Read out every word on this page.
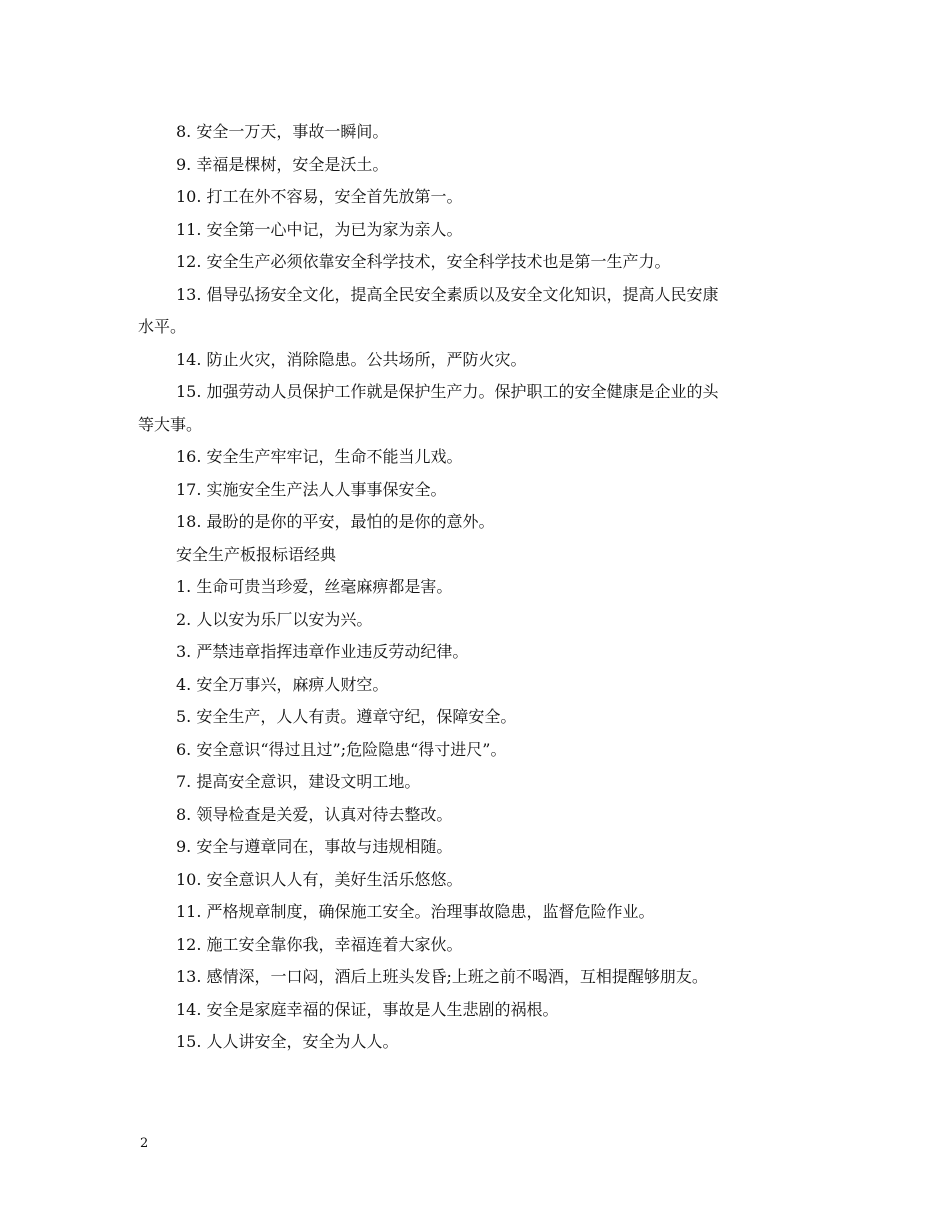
8. 安全一万天，事故一瞬间。
9. 幸福是棵树，安全是沃土。
10. 打工在外不容易，安全首先放第一。
11. 安全第一心中记，为已为家为亲人。
12. 安全生产必须依靠安全科学技术，安全科学技术也是第一生产力。
13. 倡导弘扬安全文化，提高全民安全素质以及安全文化知识，提高人民安康
水平。
14. 防止火灾，消除隐患。公共场所，严防火灾。
15. 加强劳动人员保护工作就是保护生产力。保护职工的安全健康是企业的头
等大事。
16. 安全生产牢牢记，生命不能当儿戏。
17. 实施安全生产法人人事事保安全。
18. 最盼的是你的平安，最怕的是你的意外。
安全生产板报标语经典
1. 生命可贵当珍爱，丝毫麻痹都是害。
2. 人以安为乐厂以安为兴。
3. 严禁违章指挥违章作业违反劳动纪律。
4. 安全万事兴，麻痹人财空。
5. 安全生产，人人有责。遵章守纪，保障安全。
6. 安全意识“得过且过”;危险隐患“得寸进尺”。
7. 提高安全意识，建设文明工地。
8. 领导检查是关爱，认真对待去整改。
9. 安全与遵章同在，事故与违规相随。
10. 安全意识人人有，美好生活乐悠悠。
11. 严格规章制度，确保施工安全。治理事故隐患，监督危险作业。
12. 施工安全靠你我，幸福连着大家伙。
13. 感情深，一口闷，酒后上班头发昏;上班之前不喝酒，互相提醒够朋友。
14. 安全是家庭幸福的保证，事故是人生悲剧的祸根。
15. 人人讲安全，安全为人人。
2
